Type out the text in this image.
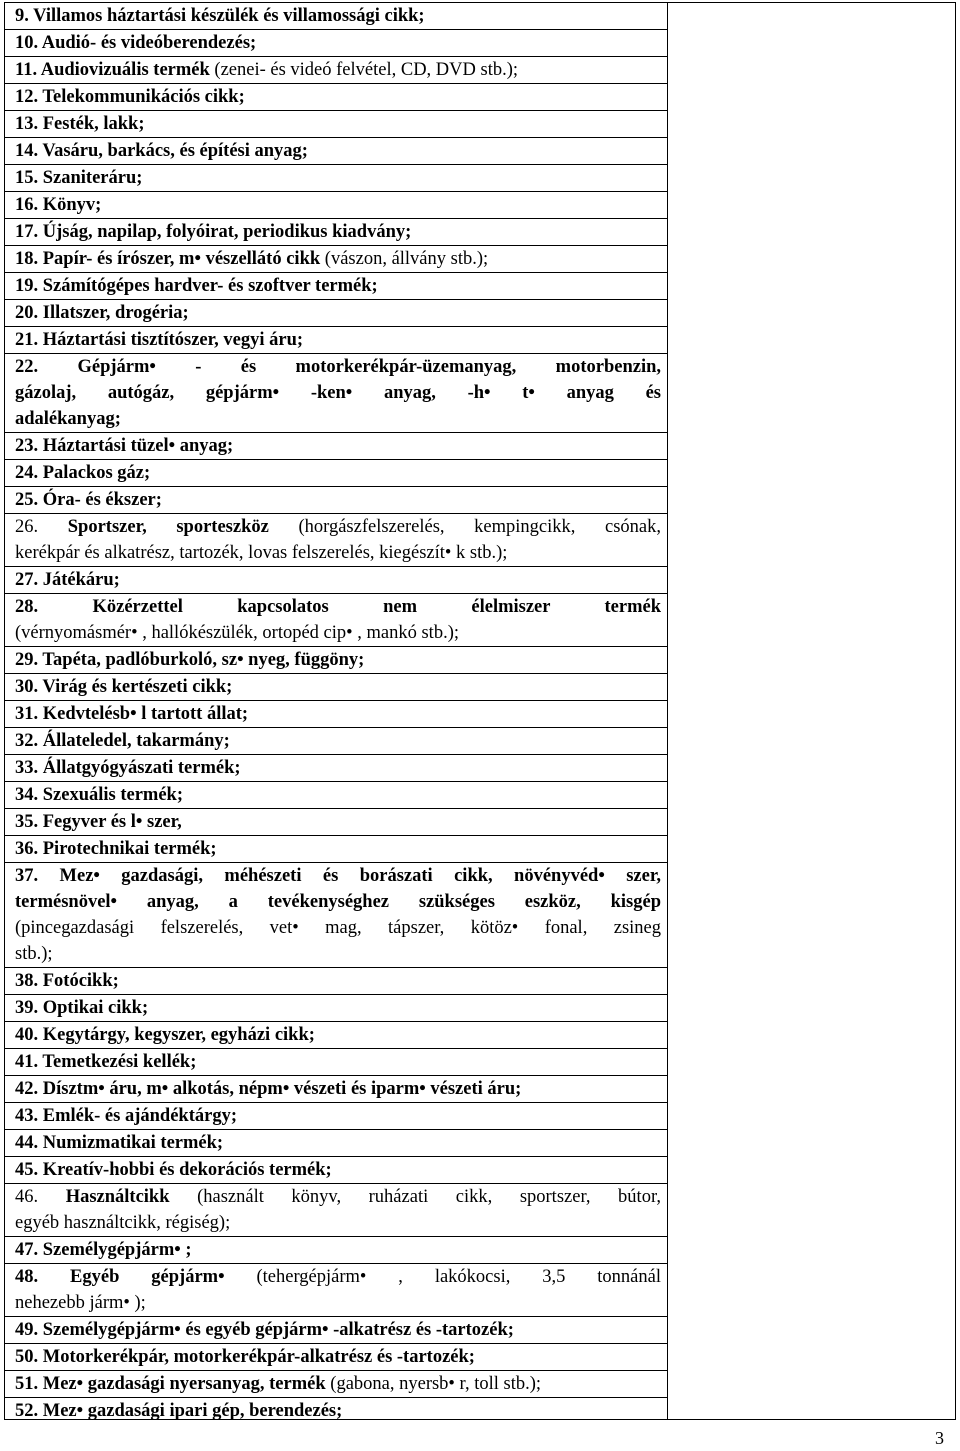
9. Villamos háztartási készülék és villamossági cikk;
10. Audió- és videóberendezés;
11. Audiovizuális termék (zenei- és videó felvétel, CD, DVD stb.);
12. Telekommunikációs cikk;
13. Festék, lakk;
14. Vasáru, barkács, és építési anyag;
15. Szaniteráru;
16. Könyv;
17. Újság, napilap, folyóirat, periodikus kiadvány;
18. Papír- és írószer, m• vészellátó cikk (vászon, állvány stb.);
19. Számítógépes hardver- és szoftver termék;
20. Illatszer, drogéria;
21. Háztartási tisztítószer, vegyi áru;
22. Gépjárm• - és motorkerékpár-üzemanyag, motorbenzin,
gázolaj, autógáz, gépjárm• -ken• anyag, -h• t• anyag és
adalékanyag;
23. Háztartási tüzel• anyag;
24. Palackos gáz;
25. Óra- és ékszer;
26. Sportszer, sporteszköz (horgászfelszerelés, kempingcikk, csónak,
kerékpár és alkatrész, tartozék, lovas felszerelés, kiegészít• k stb.);
27. Játékáru;
28. Közérzettel kapcsolatos nem élelmiszer termék
(vérnyomásmér• , hallókészülék, ortopéd cip• , mankó stb.);
29. Tapéta, padlóburkoló, sz• nyeg, függöny;
30. Virág és kertészeti cikk;
31. Kedvtelésb• l tartott állat;
32. Állateledel, takarmány;
33. Állatgyógyászati termék;
34. Szexuális termék;
35. Fegyver és l• szer,
36. Pirotechnikai termék;
37. Mez• gazdasági, méhészeti és borászati cikk, növényvéd• szer,
termésnövel• anyag, a tevékenységhez szükséges eszköz, kisgép
(pincegazdasági felszerelés, vet• mag, tápszer, kötöz• fonal, zsineg
stb.);
38. Fotócikk;
39. Optikai cikk;
40. Kegytárgy, kegyszer, egyházi cikk;
41. Temetkezési kellék;
42. Dísztm• áru, m• alkotás, népm• vészeti és iparm• vészeti áru;
43. Emlék- és ajándéktárgy;
44. Numizmatikai termék;
45. Kreatív-hobbi és dekorációs termék;
46. Használtcikk (használt könyv, ruházati cikk, sportszer, bútor,
egyéb használtcikk, régiség);
47. Személygépjárm• ;
48. Egyéb gépjárm• (tehergépjárm• , lakókocsi, 3,5 tonnánál
nehezebb járm• );
49. Személygépjárm• és egyéb gépjárm• -alkatrész és -tartozék;
50. Motorkerékpár, motorkerékpár-alkatrész és -tartozék;
51. Mez• gazdasági nyersanyag, termék (gabona, nyersb• r, toll stb.);
52. Mez• gazdasági ipari gép, berendezés;
3
